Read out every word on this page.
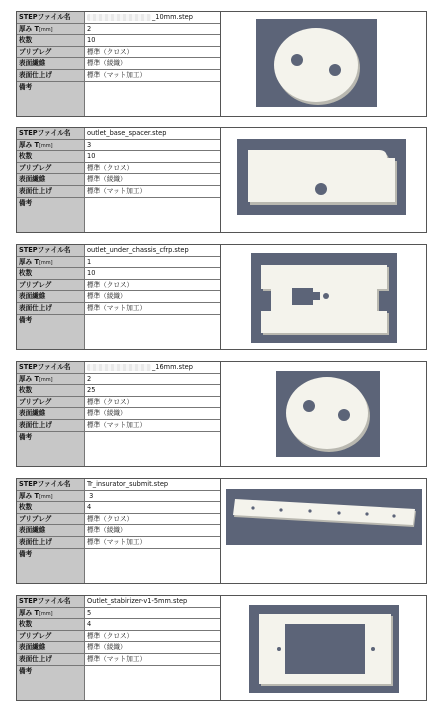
STEPファイル名	_10mm.step
厚み T[mm]	2
枚数	10
プリプレグ	標準（クロス）
表面繊維	標準（綾織）
表面仕上げ	標準（マット加工）
備考
STEPファイル名	outlet_base_spacer.step
厚み T[mm]	3
枚数	10
プリプレグ	標準（クロス）
表面繊維	標準（綾織）
表面仕上げ	標準（マット加工）
備考
STEPファイル名	outlet_under_chassis_cfrp.step
厚み T[mm]	1
枚数	10
プリプレグ	標準（クロス）
表面繊維	標準（綾織）
表面仕上げ	標準（マット加工）
備考
STEPファイル名	_16mm.step
厚み T[mm]	2
枚数	25
プリプレグ	標準（クロス）
表面繊維	標準（綾織）
表面仕上げ	標準（マット加工）
備考
STEPファイル名	Tr_insurator_submit.step
厚み T[mm]	3
枚数	4
プリプレグ	標準（クロス）
表面繊維	標準（綾織）
表面仕上げ	標準（マット加工）
備考
STEPファイル名	Outlet_stabirizer-v1-5mm.step
厚み T[mm]	5
枚数	4
プリプレグ	標準（クロス）
表面繊維	標準（綾織）
表面仕上げ	標準（マット加工）
備考
